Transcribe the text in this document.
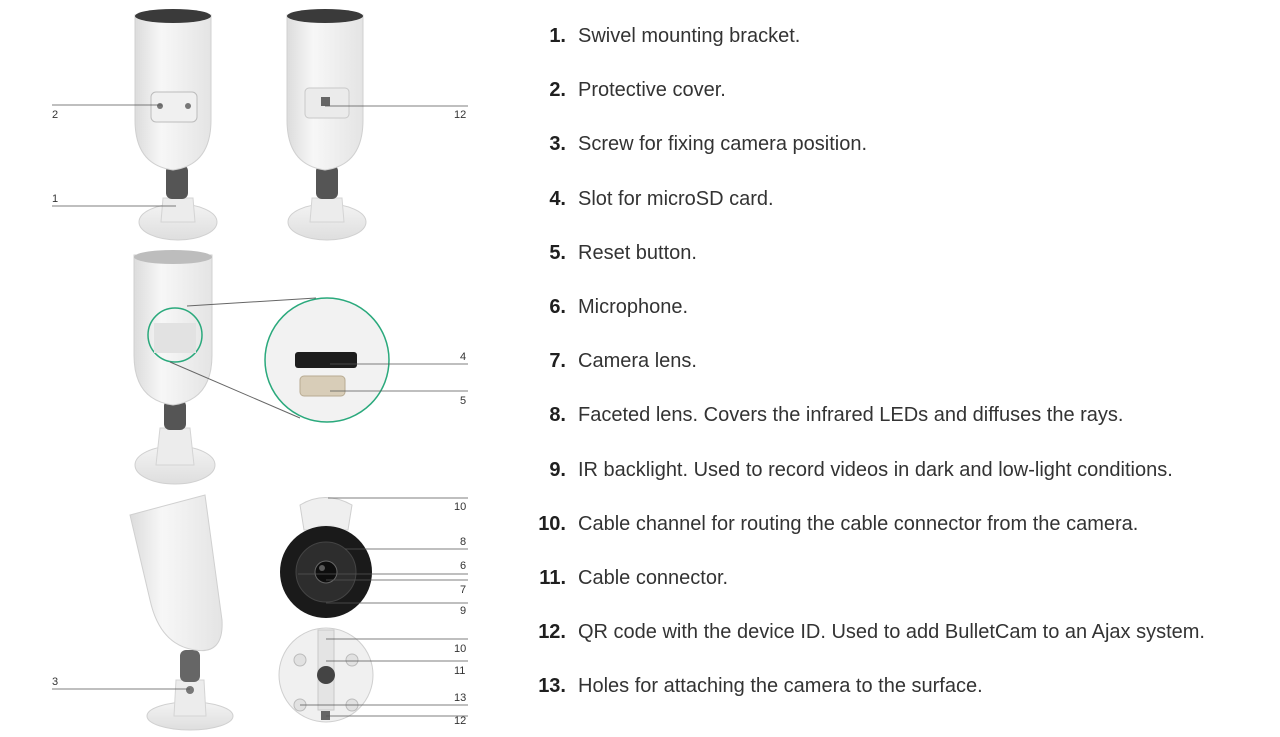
2
1
12
4
5
3
10
8
6
7
9
10
11
13
12
1. Swivel mounting bracket.
2. Protective cover.
3. Screw for fixing camera position.
4. Slot for microSD card.
5. Reset button.
6. Microphone.
7. Camera lens.
8. Faceted lens. Covers the infrared LEDs and diffuses the rays.
9. IR backlight. Used to record videos in dark and low-light conditions.
10. Cable channel for routing the cable connector from the camera.
11. Cable connector.
12. QR code with the device ID. Used to add BulletCam to an Ajax system.
13. Holes for attaching the camera to the surface.
